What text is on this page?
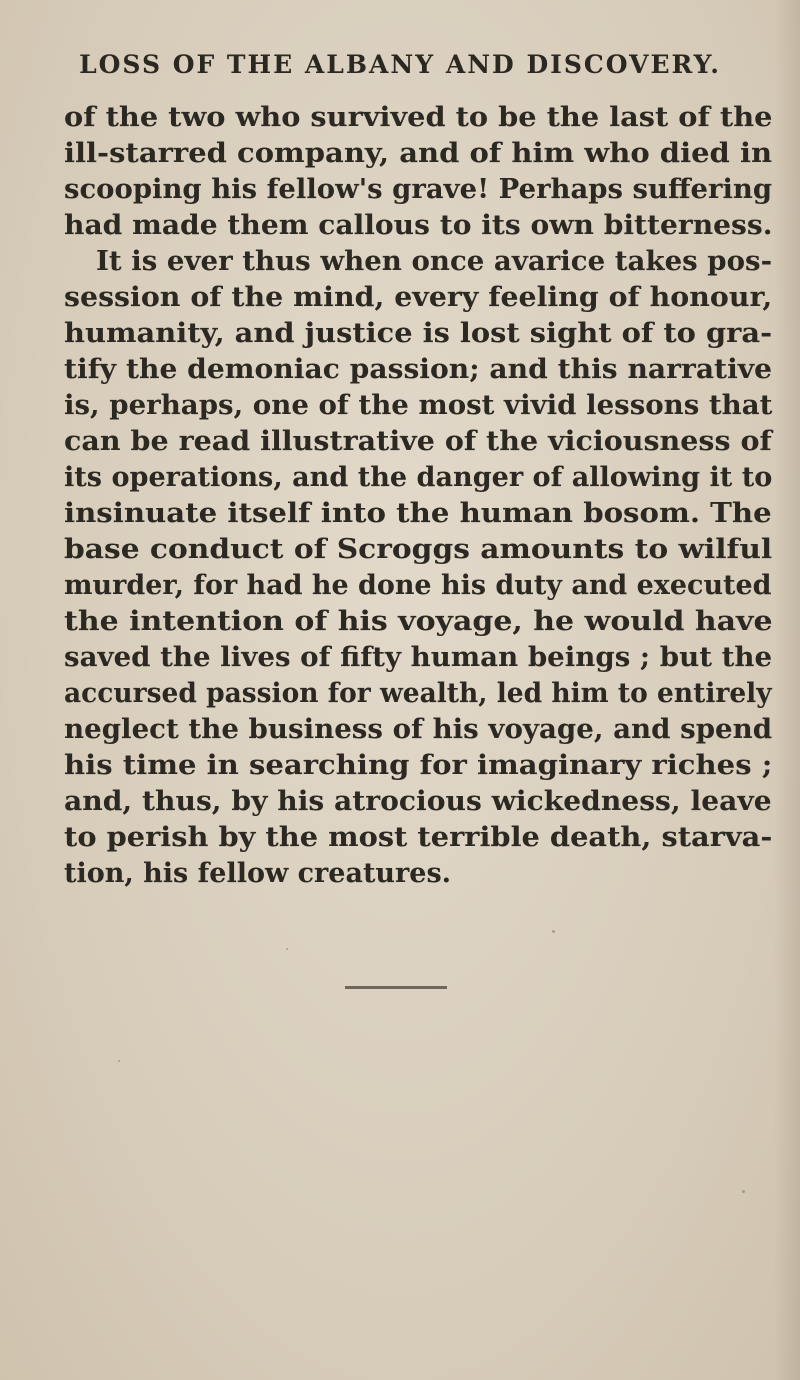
LOSS OF THE ALBANY AND DISCOVERY.
of the two who survived to be the last of the
ill-starred company, and of him who died in
scooping his fellow's grave! Perhaps suffering
had made them callous to its own bitterness.
It is ever thus when once avarice takes pos-
session of the mind, every feeling of honour,
humanity, and justice is lost sight of to gra-
tify the demoniac passion; and this narrative
is, perhaps, one of the most vivid lessons that
can be read illustrative of the viciousness of
its operations, and the danger of allowing it to
insinuate itself into the human bosom. The
base conduct of Scroggs amounts to wilful
murder, for had he done his duty and executed
the intention of his voyage, he would have
saved the lives of fifty human beings ; but the
accursed passion for wealth, led him to entirely
neglect the business of his voyage, and spend
his time in searching for imaginary riches ;
and, thus, by his atrocious wickedness, leave
to perish by the most terrible death, starva-
tion, his fellow creatures.
